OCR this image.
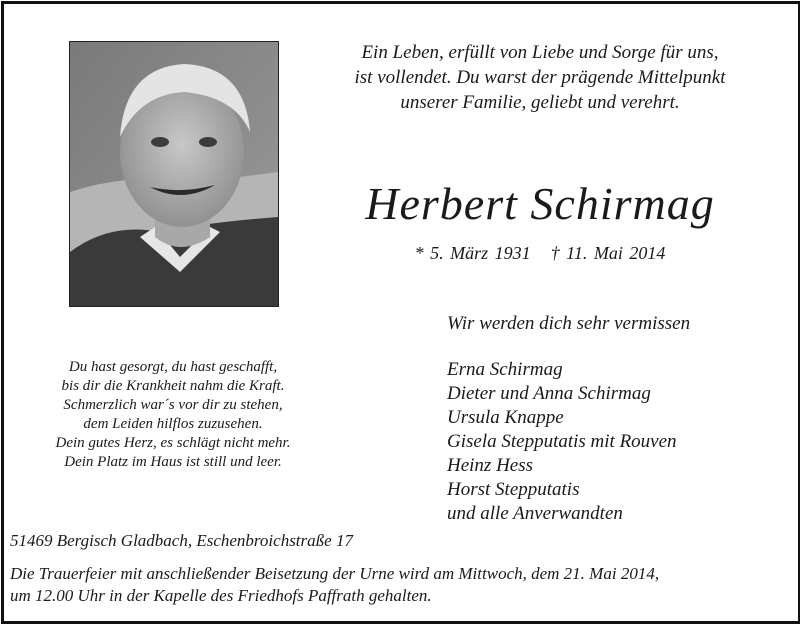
Ein Leben, erfüllt von Liebe und Sorge für uns,
ist vollendet. Du warst der prägende Mittelpunkt
unserer Familie, geliebt und verehrt.
Herbert Schirmag
* 5. März 1931 † 11. Mai 2014
Wir werden dich sehr vermissen
Erna Schirmag
Dieter und Anna Schirmag
Ursula Knappe
Gisela Stepputatis mit Rouven
Heinz Hess
Horst Stepputatis
und alle Anverwandten
Du hast gesorgt, du hast geschafft,
bis dir die Krankheit nahm die Kraft.
Schmerzlich war´s vor dir zu stehen,
dem Leiden hilflos zuzusehen.
Dein gutes Herz, es schlägt nicht mehr.
Dein Platz im Haus ist still und leer.
51469 Bergisch Gladbach, Eschenbroichstraße 17
Die Trauerfeier mit anschließender Beisetzung der Urne wird am Mittwoch, dem 21. Mai 2014,
um 12.00 Uhr in der Kapelle des Friedhofs Paffrath gehalten.
